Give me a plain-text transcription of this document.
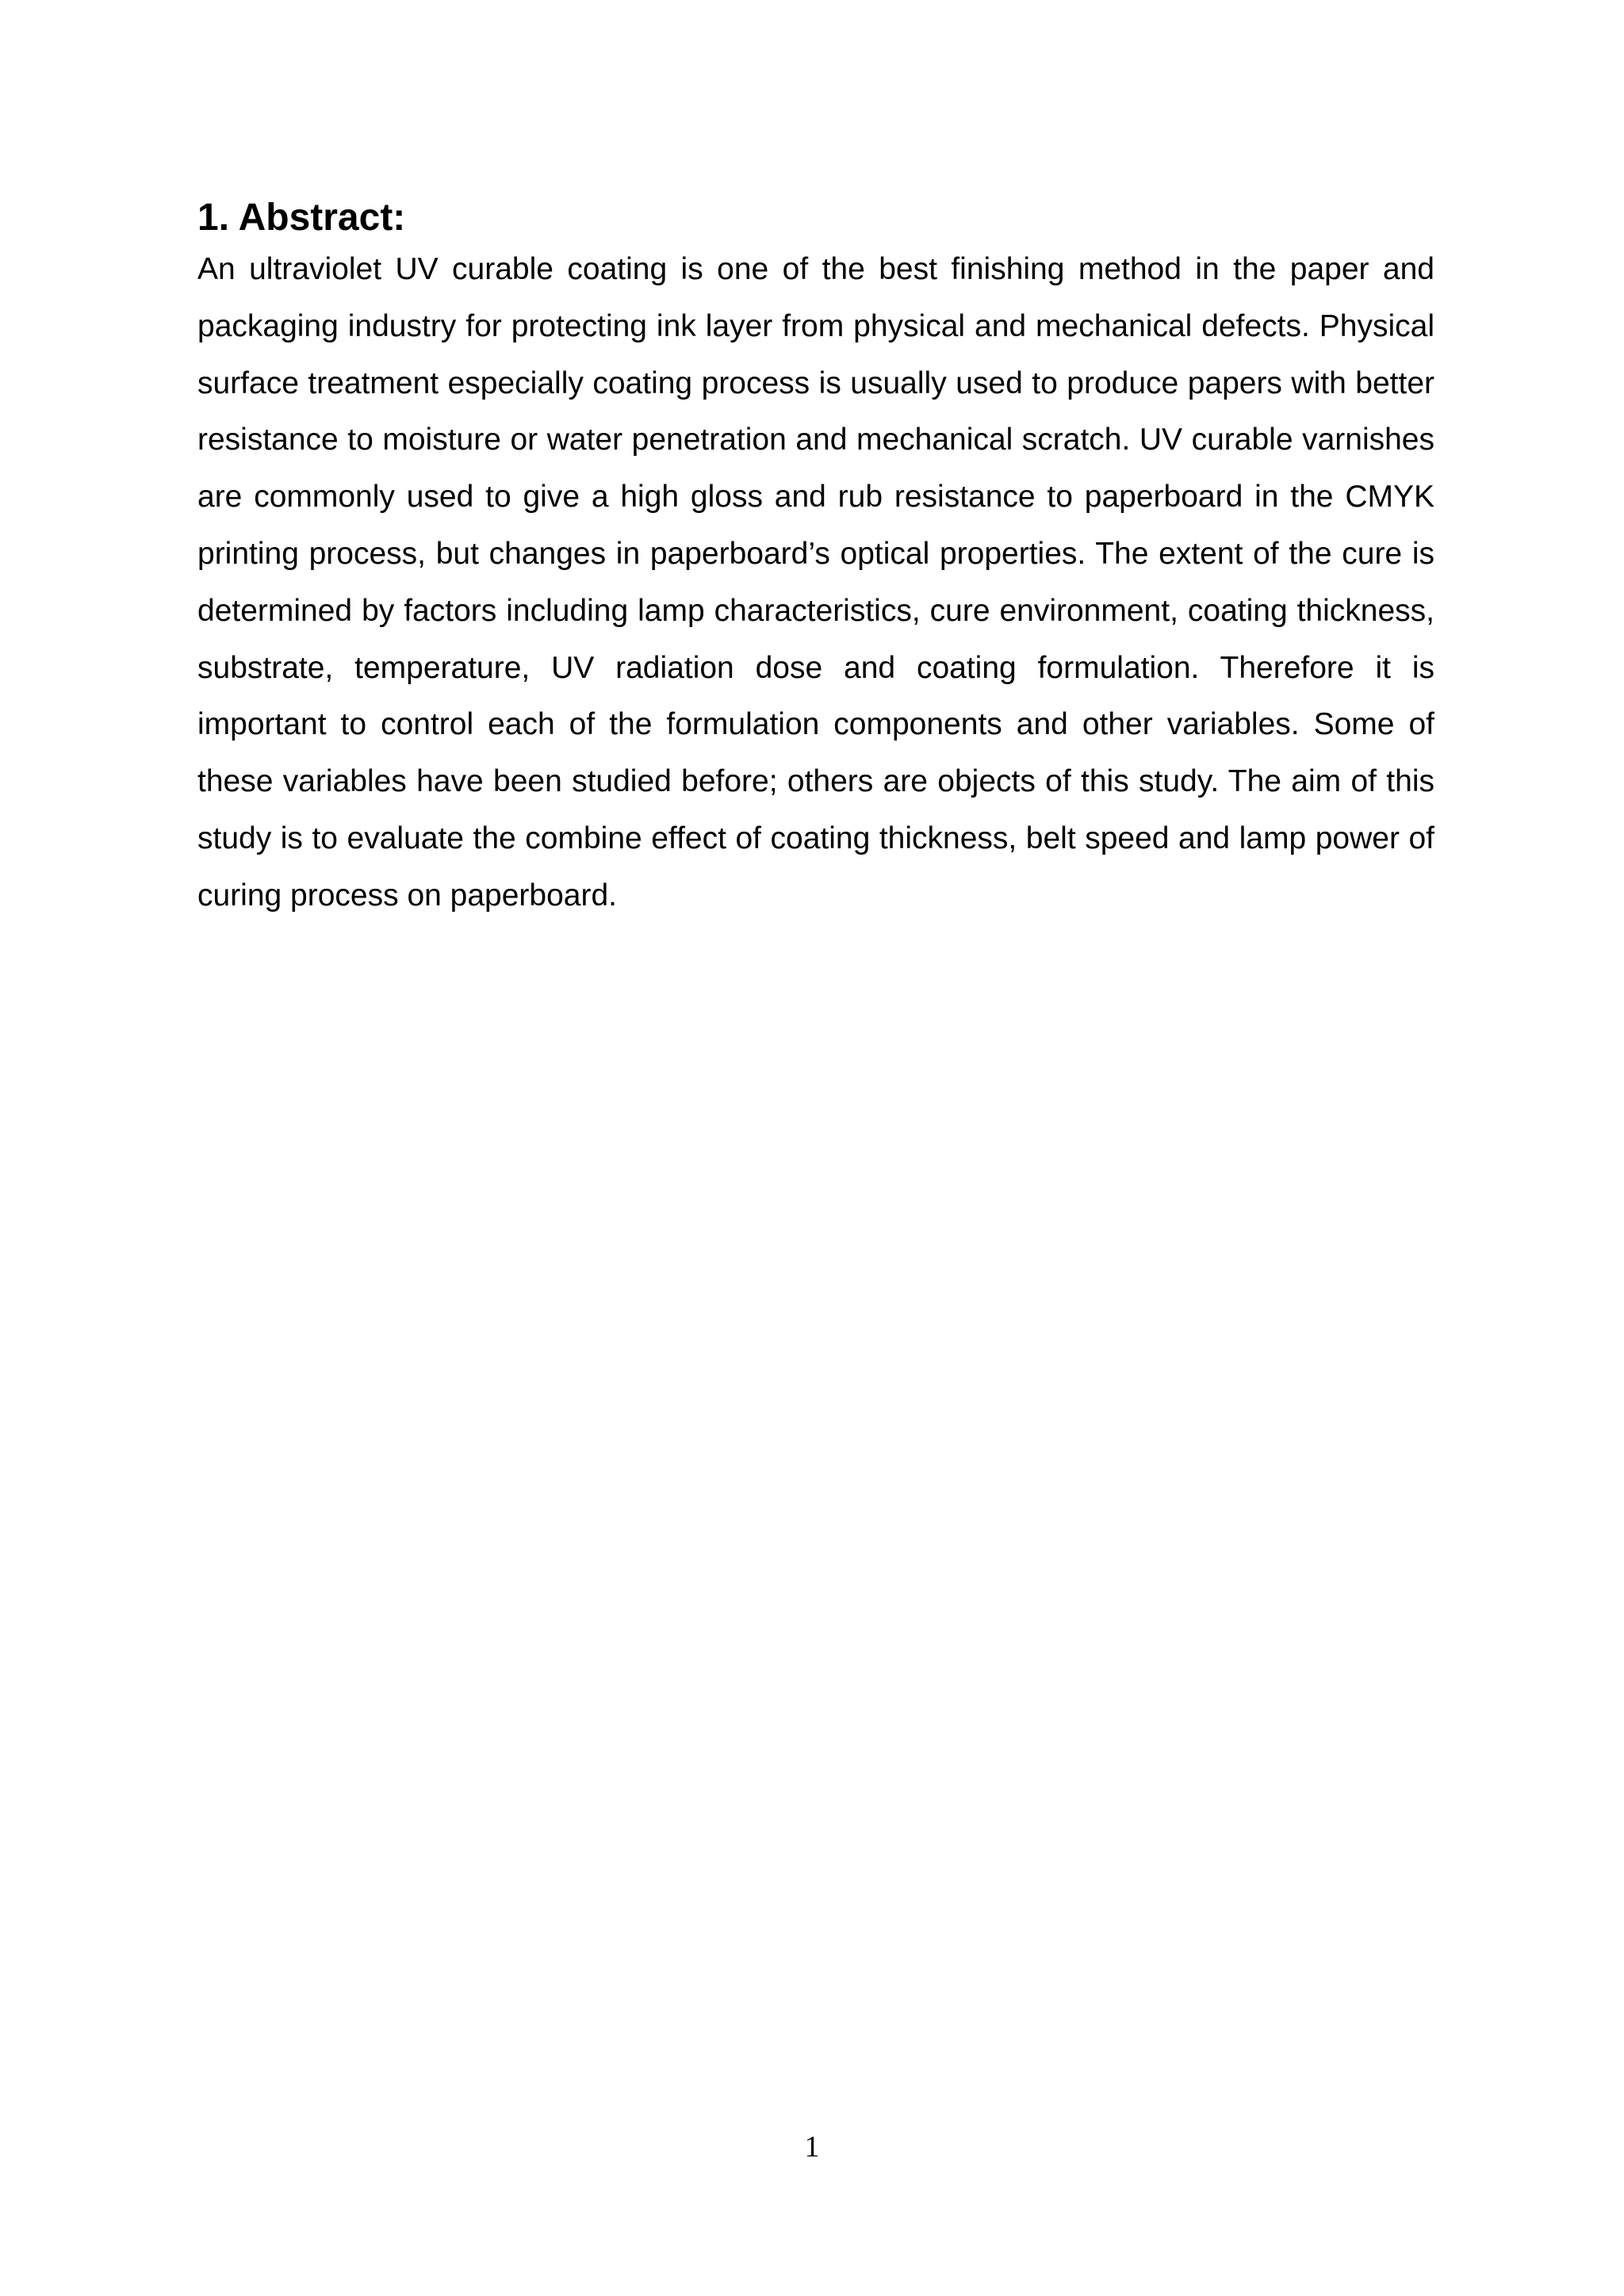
1. Abstract:

An ultraviolet UV curable coating is one of the best finishing method in the paper and packaging industry for protecting ink layer from physical and mechanical defects. Physical surface treatment especially coating process is usually used to produce papers with better resistance to moisture or water penetration and mechanical scratch. UV curable varnishes are commonly used to give a high gloss and rub resistance to paperboard in the CMYK printing process, but changes in paperboard’s optical properties. The extent of the cure is determined by factors including lamp characteristics, cure environment, coating thickness, substrate, temperature, UV radiation dose and coating formulation. Therefore it is important to control each of the formulation components and other variables. Some of these variables have been studied before; others are objects of this study. The aim of this study is to evaluate the combine effect of coating thickness, belt speed and lamp power of curing process on paperboard.

1
